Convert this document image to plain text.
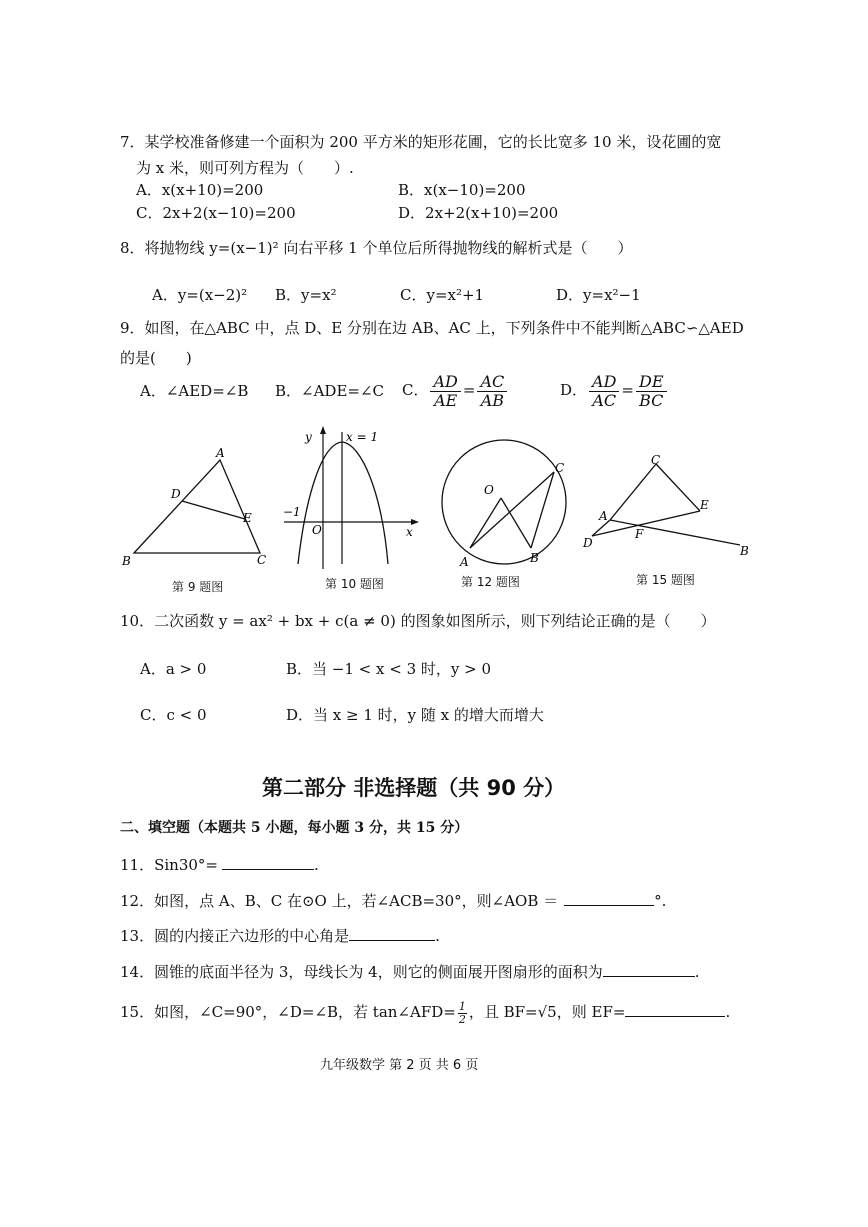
7．某学校准备修建一个面积为 200 平方米的矩形花圃，它的长比宽多 10 米，设花圃的宽
为 x 米，则可列方程为（　　）.
A．x(x+10)=200	B．x(x−10)=200
C．2x+2(x−10)=200	D．2x+2(x+10)=200
8．将抛物线 y=(x−1)² 向右平移 1 个单位后所得抛物线的解析式是（　　）
A．y=(x−2)² B．y=x²	C．y=x²+1	D．y=x²−1
9．如图，在△ABC 中，点 D、E 分别在边 AB、AC 上，下列条件中不能判断△ABC∽△AED
的是(　　)
A．∠AED=∠B B．∠ADE=∠C C． $\frac{AD}{AE} = \frac{AC}{AB}$	D． $\frac{AD}{AC} = \frac{DE}{BC}$
A
D
E
B	C
第 9 题图
y	x = 1
−1
O	x
第 10 题图
O
C
A	B
第 12 题图
C
E
A
F
D
B
第 15 题图
10．二次函数 y = ax² + bx + c(a ≠ 0) 的图象如图所示，则下列结论正确的是（　　）
A．a > 0	B．当 −1 < x < 3 时，y > 0
C．c < 0	D．当 x ≥ 1 时，y 随 x 的增大而增大
第二部分 非选择题（共 90 分）
二、填空题（本题共 5 小题，每小题 3 分，共 15 分）
11．Sin30°=	.
12．如图，点 A、B、C 在⊙O 上，若∠ACB=30°，则∠AOB ＝	°.
13．圆的内接正六边形的中心角是	.
14．圆锥的底面半径为 3，母线长为 4，则它的侧面展开图扇形的面积为	.
15．如图，∠C=90°，∠D=∠B，若 tan∠AFD= $\frac{1}{2}$ ，且 BF=√5，则 EF=	.
九年级数学 第 2 页 共 6 页
